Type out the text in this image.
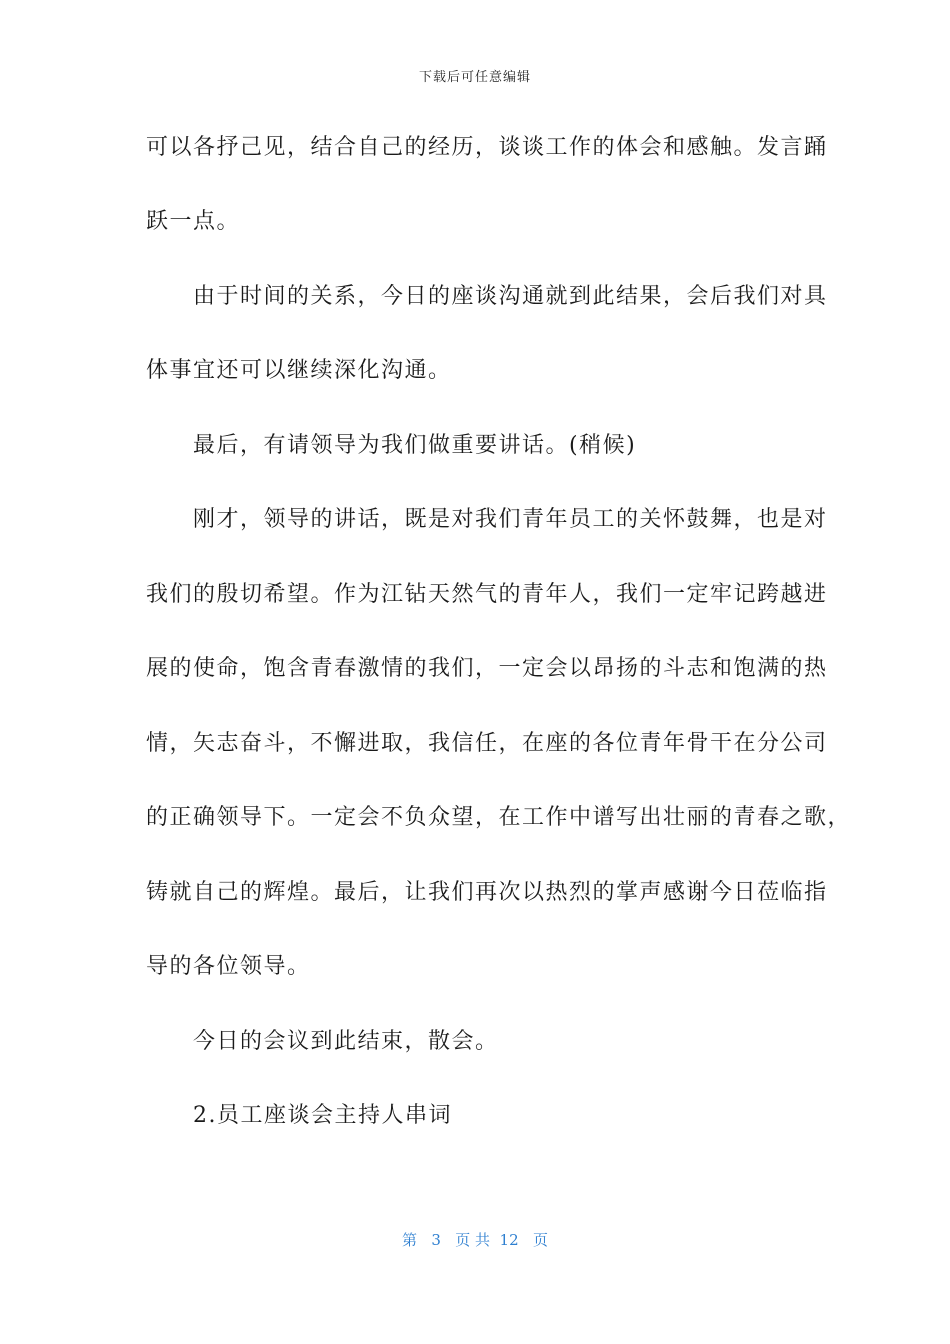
下载后可任意编辑
可以各抒己见，结合自己的经历，谈谈工作的体会和感触。发言踊
跃一点。
　　由于时间的关系，今日的座谈沟通就到此结果，会后我们对具
体事宜还可以继续深化沟通。
　　最后，有请领导为我们做重要讲话。(稍候)
　　刚才，领导的讲话，既是对我们青年员工的关怀鼓舞，也是对
我们的殷切希望。作为江钻天然气的青年人，我们一定牢记跨越进
展的使命，饱含青春激情的我们，一定会以昂扬的斗志和饱满的热
情，矢志奋斗，不懈进取，我信任，在座的各位青年骨干在分公司
的正确领导下。一定会不负众望，在工作中谱写出壮丽的青春之歌，
铸就自己的辉煌。最后，让我们再次以热烈的掌声感谢今日莅临指
导的各位领导。
　　今日的会议到此结束，散会。
　　2.员工座谈会主持人串词
第 3 页 共 12 页
